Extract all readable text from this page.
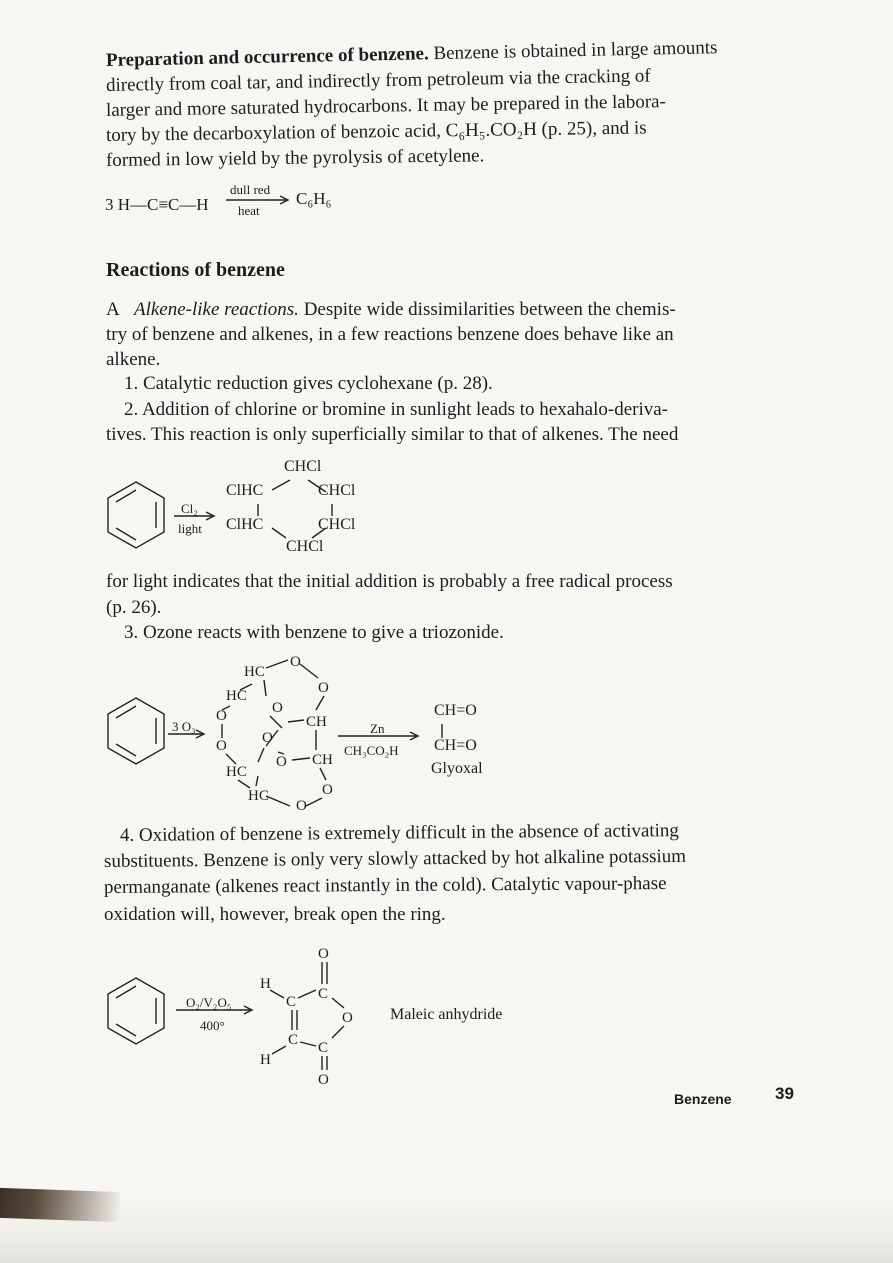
Preparation and occurrence of benzene. Benzene is obtained in large amounts
directly from coal tar, and indirectly from petroleum via the cracking of
larger and more saturated hydrocarbons. It may be prepared in the labora-
tory by the decarboxylation of benzoic acid, C₆H₅.CO₂H (p. 25), and is
formed in low yield by the pyrolysis of acetylene.
3 H—C≡C—H
dull red
heat
C₆H₆
Reactions of benzene
A Alkene-like reactions. Despite wide dissimilarities between the chemis-
try of benzene and alkenes, in a few reactions benzene does behave like an
alkene.
1. Catalytic reduction gives cyclohexane (p. 28).
2. Addition of chlorine or bromine in sunlight leads to hexahalo-deriva-
tives. This reaction is only superficially similar to that of alkenes. The need
Cl₂
light
CHCl
ClHC	CHCl
ClHC	CHCl
CHCl
for light indicates that the initial addition is probably a free radical process
(p. 26).
3. Ozone reacts with benzene to give a triozonide.
3 O₃
HC
O
HC	O
O
CH
O
O
O
O CH
HC
HC	O
O
Zn
CH₃CO₂H
CH=O
CH=O
Glyoxal
4. Oxidation of benzene is extremely difficult in the absence of activating
substituents. Benzene is only very slowly attacked by hot alkaline potassium
permanganate (alkenes react instantly in the cold). Catalytic vapour-phase
oxidation will, however, break open the ring.
O₂/V₂O₅
400°
O
C
H
C
O
C
H
C
O
Maleic anhydride
Benzene	39
